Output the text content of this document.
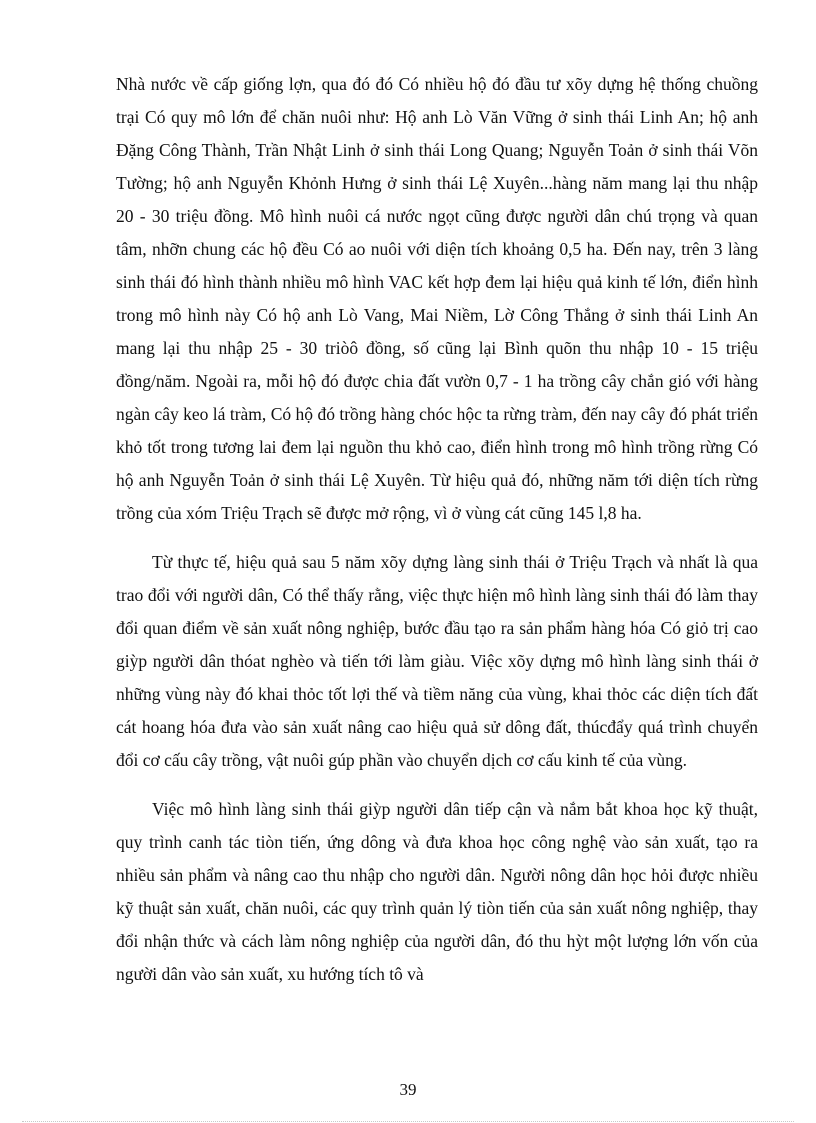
Nhà nước về cấp giống lợn, qua đó đó Có nhiều hộ đó đầu tư xõy dựng hệ thống chuồng trại Có quy mô lớn để chăn nuôi như: Hộ anh Lò Văn Vững ở sinh thái Linh An; hộ anh Đặng Công Thành, Trần Nhật Linh ở sinh thái Long Quang; Nguyễn Toản ở sinh thái Võn Tường; hộ anh Nguyễn Khỏnh Hưng ở sinh thái Lệ Xuyên...hàng năm mang lại thu nhập 20 - 30 triệu đồng. Mô hình nuôi cá nước ngọt cũng được người dân chú trọng và quan tâm, nhỡn chung các hộ đều Có ao nuôi với diện tích khoảng 0,5 ha. Đến nay, trên 3 làng sinh thái đó hình thành nhiều mô hình VAC kết hợp đem lại hiệu quả kinh tế lớn, điển hình trong mô hình này Có hộ anh Lò Vang, Mai Niềm, Lờ Công Thắng ở sinh thái Linh An mang lại thu nhập 25 - 30 triòô đồng, số cũng lại Bình quõn thu nhập 10 - 15 triệu đồng/năm. Ngoài ra, mỗi hộ đó được chia đất vườn 0,7 - 1 ha trồng cây chắn gió với hàng ngàn cây keo lá tràm, Có hộ đó trồng hàng chóc hộc ta rừng tràm, đến nay cây đó phát triển khỏ tốt trong tương lai đem lại nguồn thu khỏ cao, điển hình trong mô hình trồng rừng Có hộ anh Nguyễn Toản ở sinh thái Lệ Xuyên. Từ hiệu quả đó, những năm tới diện tích rừng trồng của xóm Triệu Trạch sẽ được mở rộng, vì ở vùng cát cũng 145 l,8 ha.

Từ thực tế, hiệu quả sau 5 năm xõy dựng làng sinh thái ở Triệu Trạch và nhất là qua trao đổi với người dân, Có thể thấy rằng, việc thực hiện mô hình làng sinh thái đó làm thay đổi quan điểm về sản xuất nông nghiệp, bước đầu tạo ra sản phẩm hàng hóa Có giỏ trị cao giỳp người dân thóat nghèo và tiến tới làm giàu. Việc xõy dựng mô hình làng sinh thái ở những vùng này đó khai thỏc tốt lợi thế và tiềm năng của vùng, khai thỏc các diện tích đất cát hoang hóa đưa vào sản xuất nâng cao hiệu quả sử dông đất, thúcđẩy quá trình chuyển đổi cơ cấu cây trồng, vật nuôi gúp phần vào chuyển dịch cơ cấu kinh tế của vùng.

Việc mô hình làng sinh thái giỳp người dân tiếp cận và nắm bắt khoa học kỹ thuật, quy trình canh tác tiòn tiến, ứng dông và đưa khoa học công nghệ vào sản xuất, tạo ra nhiều sản phẩm và nâng cao thu nhập cho người dân. Người nông dân học hỏi được nhiều kỹ thuật sản xuất, chăn nuôi, các quy trình quản lý tiòn tiến của sản xuất nông nghiệp, thay đổi nhận thức và cách làm nông nghiệp của người dân, đó thu hỳt một lượng lớn vốn của người dân vào sản xuất, xu hướng tích tô và

39
